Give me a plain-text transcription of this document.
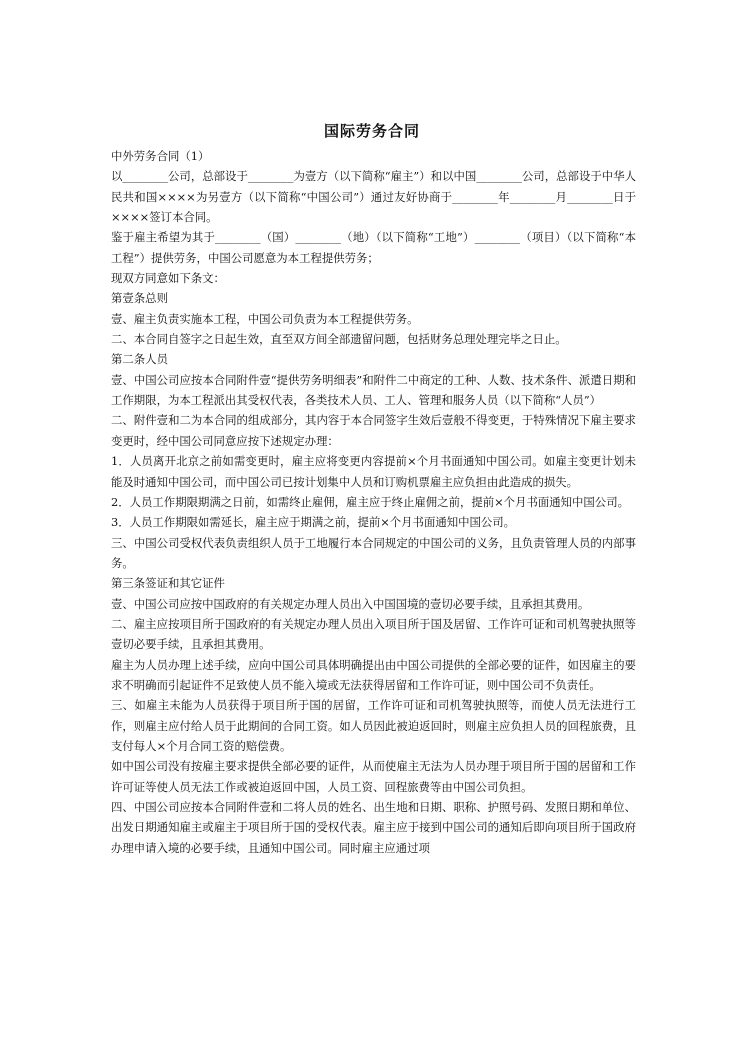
国际劳务合同

中外劳务合同（1）

以________公司，总部设于________为壹方（以下简称“雇主”）和以中国________公司，总部设于中华人民共和国××××为另壹方（以下简称“中国公司”）通过友好协商于________年________月________日于××××签订本合同。

鉴于雇主希望为其于________（国）________（地）（以下简称“工地”）________（项目）（以下简称“本工程”）提供劳务，中国公司愿意为本工程提供劳务；

现双方同意如下条文：

第壹条总则

壹、雇主负责实施本工程，中国公司负责为本工程提供劳务。

二、本合同自签字之日起生效，直至双方间全部遗留问题，包括财务总理处理完毕之日止。

第二条人员

壹、中国公司应按本合同附件壹“提供劳务明细表”和附件二中商定的工种、人数、技术条件、派遣日期和工作期限，为本工程派出其受权代表，各类技术人员、工人、管理和服务人员（以下简称“人员”）

二、附件壹和二为本合同的组成部分，其内容于本合同签字生效后壹般不得变更，于特殊情况下雇主要求变更时，经中国公司同意应按下述规定办理：

1．人员离开北京之前如需变更时，雇主应将变更内容提前×个月书面通知中国公司。如雇主变更计划未能及时通知中国公司，而中国公司已按计划集中人员和订购机票雇主应负担由此造成的损失。

2．人员工作期限期满之日前，如需终止雇佣，雇主应于终止雇佣之前，提前×个月书面通知中国公司。

3．人员工作期限如需延长，雇主应于期满之前，提前×个月书面通知中国公司。

三、中国公司受权代表负责组织人员于工地履行本合同规定的中国公司的义务，且负责管理人员的内部事务。

第三条签证和其它证件

壹、中国公司应按中国政府的有关规定办理人员出入中国国境的壹切必要手续，且承担其费用。

二、雇主应按项目所于国政府的有关规定办理人员出入项目所于国及居留、工作许可证和司机驾驶执照等壹切必要手续，且承担其费用。

雇主为人员办理上述手续，应向中国公司具体明确提出由中国公司提供的全部必要的证件，如因雇主的要求不明确而引起证件不足致使人员不能入境或无法获得居留和工作许可证，则中国公司不负责任。

三、如雇主未能为人员获得于项目所于国的居留，工作许可证和司机驾驶执照等，而使人员无法进行工作，则雇主应付给人员于此期间的合同工资。如人员因此被迫返回时，则雇主应负担人员的回程旅费，且支付每人×个月合同工资的赔偿费。

如中国公司没有按雇主要求提供全部必要的证件，从而使雇主无法为人员办理于项目所于国的居留和工作许可证等使人员无法工作或被迫返回中国，人员工资、回程旅费等由中国公司负担。

四、中国公司应按本合同附件壹和二将人员的姓名、出生地和日期、职称、护照号码、发照日期和单位、出发日期通知雇主或雇主于项目所于国的受权代表。雇主应于接到中国公司的通知后即向项目所于国政府办理申请入境的必要手续，且通知中国公司。同时雇主应通过项
